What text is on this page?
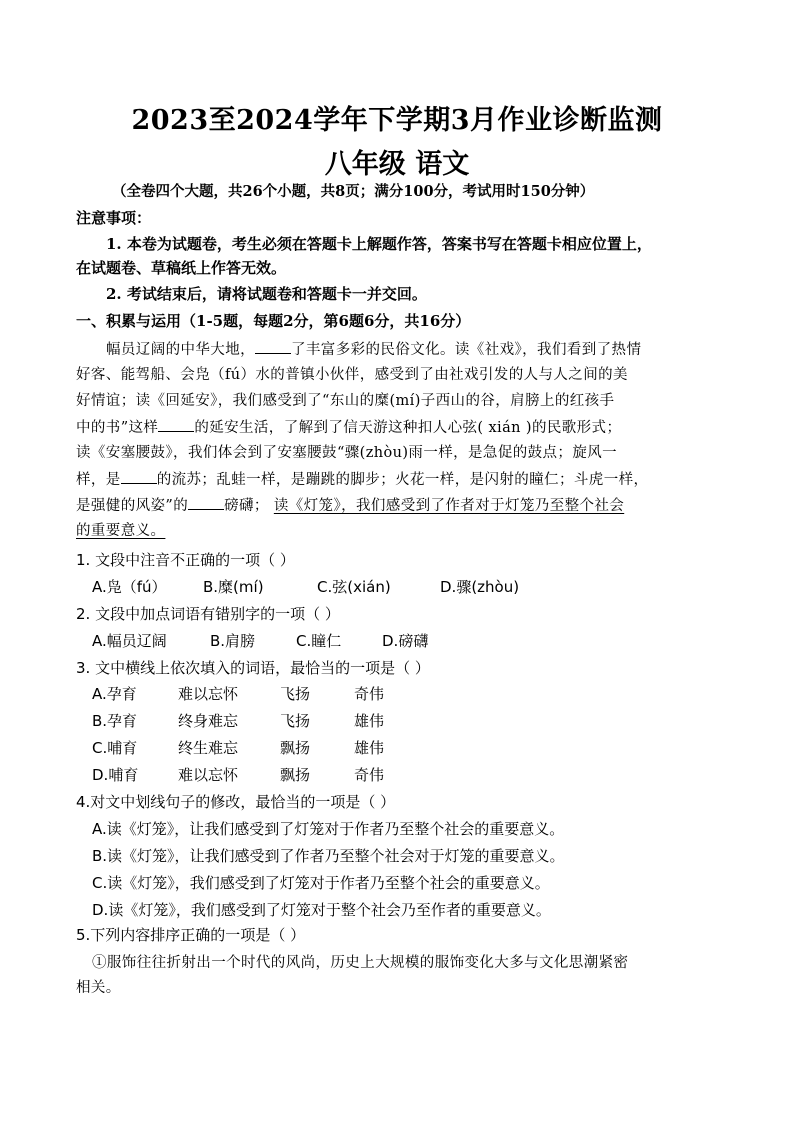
2023至2024学年下学期3月作业诊断监测
八年级 语文
（全卷四个大题，共26个小题，共8页；满分100分，考试用时150分钟）
注意事项：
1. 本卷为试题卷，考生必须在答题卡上解题作答，答案书写在答题卡相应位置上，
在试题卷、草稿纸上作答无效。
2. 考试结束后，请将试题卷和答题卡一并交回。
一、积累与运用（1-5题，每题2分，第6题6分，共16分）
幅员辽阔的中华大地， 了丰富多彩的民俗文化。读《社戏》，我们看到了热情
好客、能驾船、会凫（fú）水的普镇小伙伴，感受到了由社戏引发的人与人之间的美
好情谊；读《回延安》，我们感受到了“东山的糜(mí)子西山的谷，肩膀上的红孩手
中的书”这样 的延安生活，了解到了信天游这种扣人心弦( xián )的民歌形式；
读《安塞腰鼓》，我们体会到了安塞腰鼓“骤(zhòu)雨一样，是急促的鼓点；旋风一
样，是 的流苏；乱蛙一样，是蹦跳的脚步；火花一样，是闪射的瞳仁；斗虎一样，
是强健的风姿”的 磅礴； 读《灯笼》，我们感受到了作者对于灯笼乃至整个社会
的重要意义。
1. 文段中注音不正确的一项（ ）
A.凫（fú） B.糜(mí)	C.弦(xián)	D.骤(zhòu)
2. 文段中加点词语有错别字的一项（ ）
A.幅员辽阔	B.肩膀	C.瞳仁	D.磅礴
3. 文中横线上依次填入的词语，最恰当的一项是（ ）
A.孕育	难以忘怀	飞扬	奇伟
B.孕育	终身难忘	飞扬	雄伟
C.哺育	终生难忘	飘扬	雄伟
D.哺育	难以忘怀	飘扬	奇伟
4.对文中划线句子的修改，最恰当的一项是（ ）
A.读《灯笼》，让我们感受到了灯笼对于作者乃至整个社会的重要意义。
B.读《灯笼》，让我们感受到了作者乃至整个社会对于灯笼的重要意义。
C.读《灯笼》，我们感受到了灯笼对于作者乃至整个社会的重要意义。
D.读《灯笼》，我们感受到了灯笼对于整个社会乃至作者的重要意义。
5.下列内容排序正确的一项是（ ）
①服饰往往折射出一个时代的风尚，历史上大规模的服饰变化大多与文化思潮紧密
相关。
